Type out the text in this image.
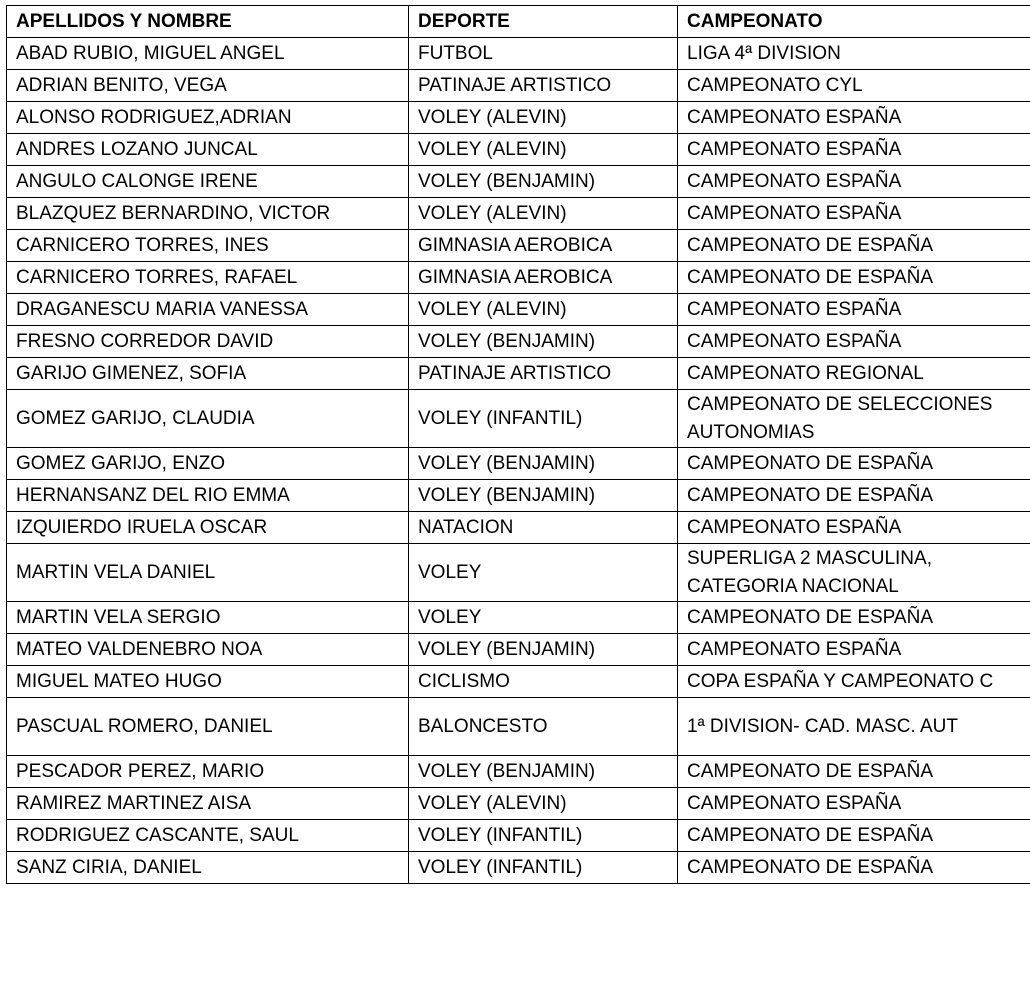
APELLIDOS Y NOMBRE	DEPORTE	CAMPEONATO
ABAD RUBIO, MIGUEL ANGEL	FUTBOL	LIGA 4ª DIVISION
ADRIAN BENITO, VEGA	PATINAJE ARTISTICO	CAMPEONATO CYL
ALONSO RODRIGUEZ,ADRIAN	VOLEY (ALEVIN)	CAMPEONATO ESPAÑA
ANDRES LOZANO JUNCAL	VOLEY (ALEVIN)	CAMPEONATO ESPAÑA
ANGULO CALONGE IRENE	VOLEY (BENJAMIN)	CAMPEONATO ESPAÑA
BLAZQUEZ BERNARDINO, VICTOR	VOLEY (ALEVIN)	CAMPEONATO ESPAÑA
CARNICERO TORRES, INES	GIMNASIA AEROBICA	CAMPEONATO DE ESPAÑA
CARNICERO TORRES, RAFAEL	GIMNASIA AEROBICA	CAMPEONATO DE ESPAÑA
DRAGANESCU MARIA VANESSA	VOLEY (ALEVIN)	CAMPEONATO ESPAÑA
FRESNO CORREDOR DAVID	VOLEY (BENJAMIN)	CAMPEONATO ESPAÑA
GARIJO GIMENEZ, SOFIA	PATINAJE ARTISTICO	CAMPEONATO REGIONAL
GOMEZ GARIJO, CLAUDIA	VOLEY (INFANTIL)	CAMPEONATO DE SELECCIONES AUTONOMIAS
GOMEZ GARIJO, ENZO	VOLEY (BENJAMIN)	CAMPEONATO DE ESPAÑA
HERNANSANZ DEL RIO EMMA	VOLEY (BENJAMIN)	CAMPEONATO DE ESPAÑA
IZQUIERDO IRUELA OSCAR	NATACION	CAMPEONATO ESPAÑA
MARTIN VELA DANIEL	VOLEY	SUPERLIGA 2 MASCULINA, CATEGORIA NACIONAL
MARTIN VELA SERGIO	VOLEY	CAMPEONATO DE ESPAÑA
MATEO VALDENEBRO NOA	VOLEY (BENJAMIN)	CAMPEONATO ESPAÑA
MIGUEL MATEO HUGO	CICLISMO	COPA ESPAÑA Y CAMPEONATO C
PASCUAL ROMERO, DANIEL	BALONCESTO	1ª DIVISION- CAD. MASC. AUT
PESCADOR PEREZ, MARIO	VOLEY (BENJAMIN)	CAMPEONATO DE ESPAÑA
RAMIREZ MARTINEZ AISA	VOLEY (ALEVIN)	CAMPEONATO ESPAÑA
RODRIGUEZ CASCANTE, SAUL	VOLEY (INFANTIL)	CAMPEONATO DE ESPAÑA
SANZ CIRIA, DANIEL	VOLEY (INFANTIL)	CAMPEONATO DE ESPAÑA
